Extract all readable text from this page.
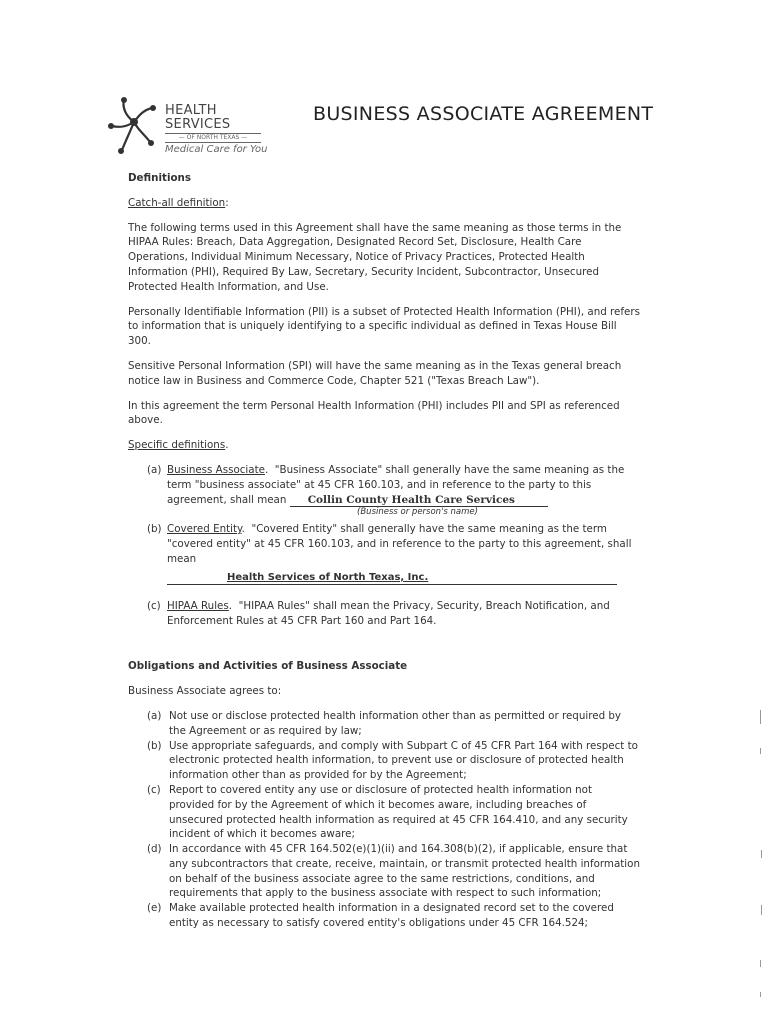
HEALTH SERVICES
— OF NORTH TEXAS —
Medical Care for You
BUSINESS ASSOCIATE AGREEMENT

Definitions

Catch-all definition:

The following terms used in this Agreement shall have the same meaning as those terms in the HIPAA Rules: Breach, Data Aggregation, Designated Record Set, Disclosure, Health Care Operations, Individual Minimum Necessary, Notice of Privacy Practices, Protected Health Information (PHI), Required By Law, Secretary, Security Incident, Subcontractor, Unsecured Protected Health Information, and Use.

Personally Identifiable Information (PII) is a subset of Protected Health Information (PHI), and refers to information that is uniquely identifying to a specific individual as defined in Texas House Bill 300.

Sensitive Personal Information (SPI) will have the same meaning as in the Texas general breach notice law in Business and Commerce Code, Chapter 521 ("Texas Breach Law").

In this agreement the term Personal Health Information (PHI) includes PII and SPI as referenced above.

Specific definitions.

(a) Business Associate.  "Business Associate" shall generally have the same meaning as the term "business associate" at 45 CFR 160.103, and in reference to the party to this agreement, shall mean Collin County Health Care Services
(Business or person's name)
(b) Covered Entity.  "Covered Entity" shall generally have the same meaning as the term "covered entity" at 45 CFR 160.103, and in reference to the party to this agreement, shall mean
Health Services of North Texas, Inc.
(c) HIPAA Rules.  "HIPAA Rules" shall mean the Privacy, Security, Breach Notification, and Enforcement Rules at 45 CFR Part 160 and Part 164.

Obligations and Activities of Business Associate

Business Associate agrees to:

(a) Not use or disclose protected health information other than as permitted or required by the Agreement or as required by law;
(b) Use appropriate safeguards, and comply with Subpart C of 45 CFR Part 164 with respect to electronic protected health information, to prevent use or disclosure of protected health information other than as provided for by the Agreement;
(c) Report to covered entity any use or disclosure of protected health information not provided for by the Agreement of which it becomes aware, including breaches of unsecured protected health information as required at 45 CFR 164.410, and any security incident of which it becomes aware;
(d) In accordance with 45 CFR 164.502(e)(1)(ii) and 164.308(b)(2), if applicable, ensure that any subcontractors that create, receive, maintain, or transmit protected health information on behalf of the business associate agree to the same restrictions, conditions, and requirements that apply to the business associate with respect to such information;
(e) Make available protected health information in a designated record set to the covered entity as necessary to satisfy covered entity's obligations under 45 CFR 164.524;
